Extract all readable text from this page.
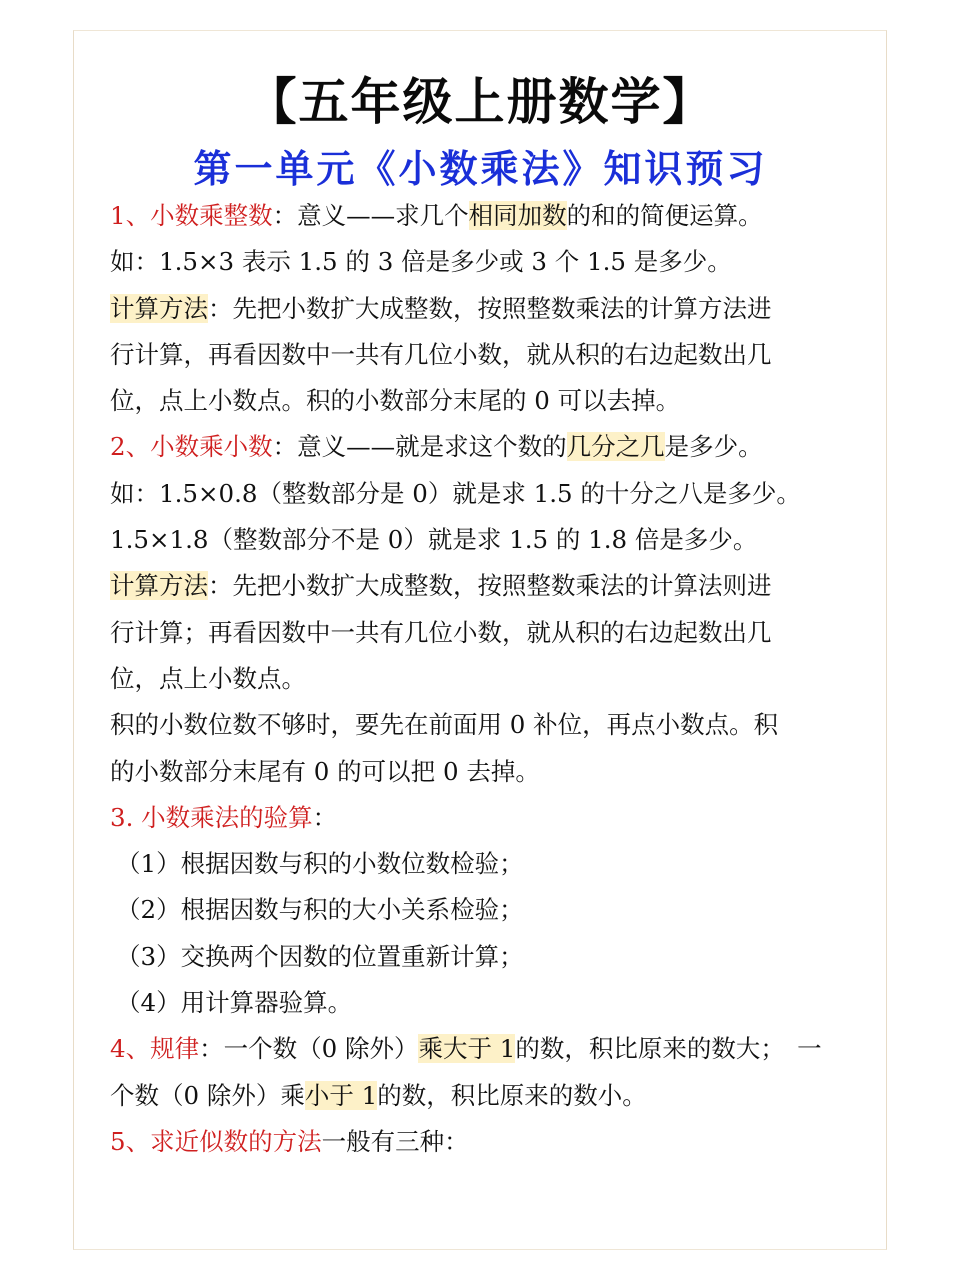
【五年级上册数学】
第一单元《小数乘法》知识预习
1、小数乘整数：意义——求几个相同加数的和的简便运算。
如：1.5×3 表示 1.5 的 3 倍是多少或 3 个 1.5 是多少。
计算方法：先把小数扩大成整数，按照整数乘法的计算方法进
行计算，再看因数中一共有几位小数，就从积的右边起数出几
位，点上小数点。积的小数部分末尾的 0 可以去掉。
2、小数乘小数：意义——就是求这个数的几分之几是多少。
如：1.5×0.8（整数部分是 0）就是求 1.5 的十分之八是多少。
1.5×1.8（整数部分不是 0）就是求 1.5 的 1.8 倍是多少。
计算方法：先把小数扩大成整数，按照整数乘法的计算法则进
行计算；再看因数中一共有几位小数，就从积的右边起数出几
位，点上小数点。
积的小数位数不够时，要先在前面用 0 补位，再点小数点。积
的小数部分末尾有 0 的可以把 0 去掉。
3. 小数乘法的验算：
（1）根据因数与积的小数位数检验；
（2）根据因数与积的大小关系检验；
（3）交换两个因数的位置重新计算；
（4）用计算器验算。
4、规律：一个数（0 除外）乘大于 1的数，积比原来的数大；　一
个数（0 除外）乘小于 1的数，积比原来的数小。
5、求近似数的方法一般有三种：
